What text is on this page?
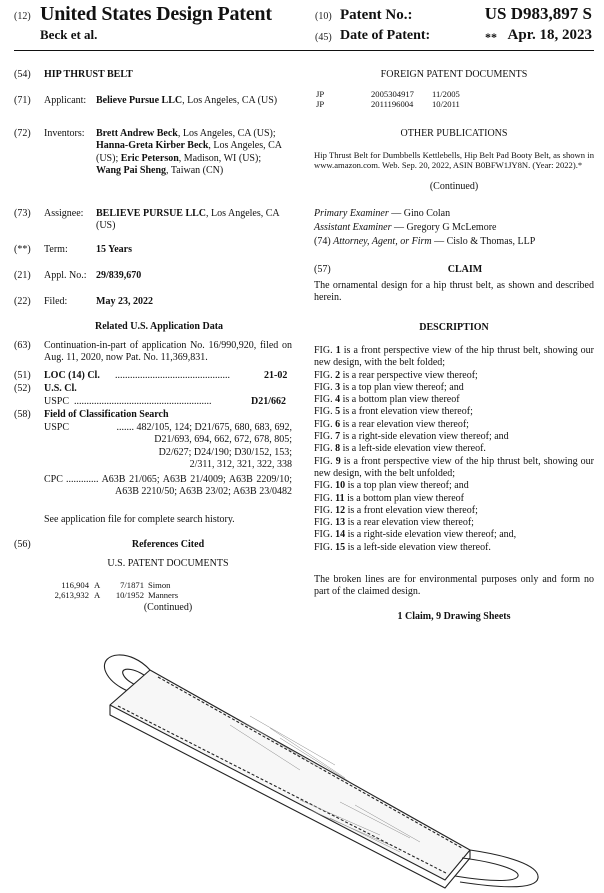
(12) United States Design Patent
Beck et al.
(10) Patent No.:	US D983,897 S
(45) Date of Patent:	** Apr. 18, 2023
(54) HIP THRUST BELT
(71) Applicant: Believe Pursue LLC, Los Angeles, CA (US)
(72) Inventors: Brett Andrew Beck, Los Angeles, CA (US); Hanna-Greta Kirber Beck, Los Angeles, CA (US); Eric Peterson, Madison, WI (US); Wang Pai Sheng, Taiwan (CN)
(73) Assignee: BELIEVE PURSUE LLC, Los Angeles, CA (US)
(**) Term:	15 Years
(21) Appl. No.: 29/839,670
(22) Filed:	May 23, 2022
Related U.S. Application Data
(63) Continuation-in-part of application No. 16/990,920, filed on Aug. 11, 2020, now Pat. No. 11,369,831.
(51) LOC (14) Cl. ..............................................	21-02
(52) U.S. Cl.
USPC .......................................................	D21/662
(58) Field of Classification Search
USPC	....... 482/105, 124; D21/675, 680, 683, 692,
D21/693, 694, 662, 672, 678, 805;
D2/627; D24/190; D30/152, 153;
2/311, 312, 321, 322, 338
CPC ............. A63B 21/065; A63B 21/4009; A63B 2209/10; A63B 2210/50; A63B 23/02; A63B 23/0482
See application file for complete search history.
(56)	References Cited
U.S. PATENT DOCUMENTS
116,904 A	7/1871 Simon
2,613,932 A	10/1952 Manners
(Continued)
FOREIGN PATENT DOCUMENTS
JP	2005304917 11/2005
JP	2011196004 10/2011
OTHER PUBLICATIONS
Hip Thrust Belt for Dumbbells Kettlebells, Hip Belt Pad Booty Belt, as shown in www.amazon.com. Web. Sep. 20, 2022, ASIN B0BFW1JY8N. (Year: 2022).*
(Continued)
Primary Examiner — Gino Colan
Assistant Examiner — Gregory G McLemore
(74) Attorney, Agent, or Firm — Cislo & Thomas, LLP
(57)	CLAIM
The ornamental design for a hip thrust belt, as shown and described herein.
DESCRIPTION
FIG. 1 is a front perspective view of the hip thrust belt, showing our new design, with the belt folded;
FIG. 2 is a rear perspective view thereof;
FIG. 3 is a top plan view thereof; and
FIG. 4 is a bottom plan view thereof
FIG. 5 is a front elevation view thereof;
FIG. 6 is a rear elevation view thereof;
FIG. 7 is a right-side elevation view thereof; and
FIG. 8 is a left-side elevation view thereof.
FIG. 9 is a front perspective view of the hip thrust belt, showing our new design, with the belt unfolded;
FIG. 10 is a top plan view thereof; and
FIG. 11 is a bottom plan view thereof
FIG. 12 is a front elevation view thereof;
FIG. 13 is a rear elevation view thereof;
FIG. 14 is a right-side elevation view thereof; and,
FIG. 15 is a left-side elevation view thereof.
The broken lines are for environmental purposes only and form no part of the claimed design.
1 Claim, 9 Drawing Sheets
